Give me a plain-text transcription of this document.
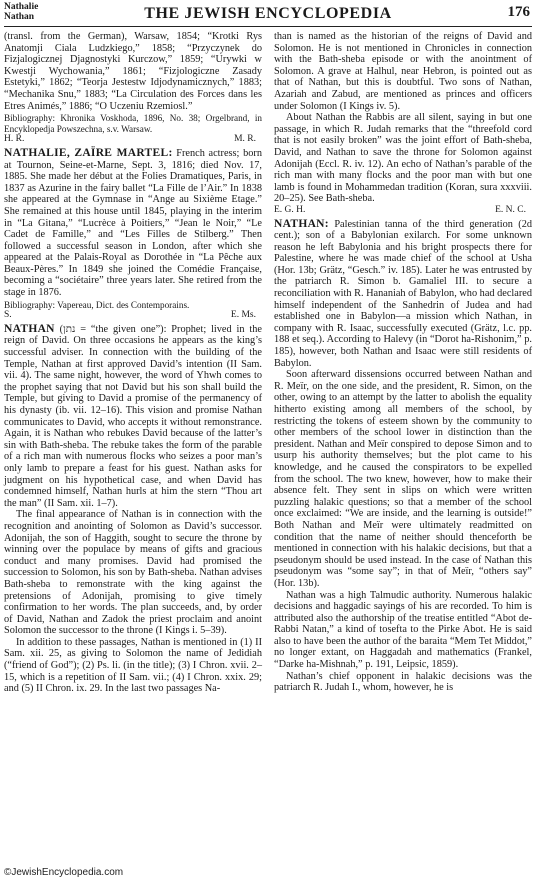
Nathalie
Nathan	THE JEWISH ENCYCLOPEDIA	176

(transl. from the German), Warsaw, 1854; “Krotki Rys Anatomji Ciala Ludzkiego,” 1858; “Przyczynek do Fizjalogicznej Djagnostyki Kurczow,” 1859; “Urywki w Kwestji Wychowania,” 1861; “Fizjologiczne Zasady Estetyki,” 1862; “Teorja Jestestw Idjodynamicznych,” 1883; “Mechanika Snu,” 1883; “La Circulation des Forces dans les Etres Animés,” 1886; “O Uczeniu Rzemiosl.”

Bibliography: Khronika Voskhoda, 1896, No. 38; Orgelbrand, in Encyklopedja Powszechna, s.v. Warsaw.

H. R.	M. R.

NATHALIE, ZAÏRE MARTEL: French actress; born at Tournon, Seine-et-Marne, Sept. 3, 1816; died Nov. 17, 1885. She made her début at the Folies Dramatiques, Paris, in 1837 as Azurine in the fairy ballet “La Fille de l’Air.” In 1838 she appeared at the Gymnase in “Ange au Sixième Etage.” She remained at this house until 1845, playing in the interim in “La Gitana,” “Lucrèce à Poitiers,” “Jean le Noir,” “Le Cadet de Famille,” and “Les Filles de Stilberg.” Then followed a successful season in London, after which she appeared at the Palais-Royal as Dorothée in “La Pêche aux Beaux-Pères.” In 1849 she joined the Comédie Française, becoming a “sociétaire” three years later. She retired from the stage in 1876.

Bibliography: Vapereau, Dict. des Contemporains.

S.	E. Ms.

NATHAN (נתן = “the given one”): Prophet; lived in the reign of David. On three occasions he appears as the king’s successful adviser. In connection with the building of the Temple, Nathan at first approved David’s intention (II Sam. vii. 4). The same night, however, the word of Yhwh comes to the prophet saying that not David but his son shall build the Temple, but giving to David a promise of the permanency of his dynasty (ib. vii. 12–16). This vision and promise Nathan communicates to David, who accepts it without remonstrance. Again, it is Nathan who rebukes David because of the latter’s sin with Bath-sheba. The rebuke takes the form of the parable of a rich man with numerous flocks who seizes a poor man’s only lamb to prepare a feast for his guest. Nathan asks for judgment on his hypothetical case, and when David has condemned himself, Nathan hurls at him the stern “Thou art the man” (II Sam. xii. 1–7).

The final appearance of Nathan is in connection with the recognition and anointing of Solomon as David’s successor. Adonijah, the son of Haggith, sought to secure the throne by winning over the populace by means of gifts and gracious conduct and many promises. David had promised the succession to Solomon, his son by Bath-sheba. Nathan advises Bath-sheba to remonstrate with the king against the pretensions of Adonijah, promising to give timely confirmation to her words. The plan succeeds, and, by order of David, Nathan and Zadok the priest proclaim and anoint Solomon the successor to the throne (I Kings i. 5–39).

In addition to these passages, Nathan is mentioned in (1) II Sam. xii. 25, as giving to Solomon the name of Jedidiah (“friend of God”); (2) Ps. li. (in the title); (3) I Chron. xvii. 2–15, which is a repetition of II Sam. vii.; (4) I Chron. xxix. 29; and (5) II Chron. ix. 29. In the last two passages Na-

than is named as the historian of the reigns of David and Solomon. He is not mentioned in Chronicles in connection with the Bath-sheba episode or with the anointment of Solomon. A grave at Halhul, near Hebron, is pointed out as that of Nathan, but this is doubtful. Two sons of Nathan, Azariah and Zabud, are mentioned as princes and officers under Solomon (I Kings iv. 5).

About Nathan the Rabbis are all silent, saying in but one passage, in which R. Judah remarks that the “threefold cord that is not easily broken” was the joint effort of Bath-sheba, David, and Nathan to save the throne for Solomon against Adonijah (Eccl. R. iv. 12). An echo of Nathan’s parable of the rich man with many flocks and the poor man with but one lamb is found in Mohammedan tradition (Koran, sura xxxviii. 20–25). See Bath-sheba.

E. G. H.	E. N. C.

NATHAN: Palestinian tanna of the third generation (2d cent.); son of a Babylonian exilarch. For some unknown reason he left Babylonia and his bright prospects there for Palestine, where he was made chief of the school at Usha (Hor. 13b; Grätz, “Gesch.” iv. 185). Later he was entrusted by the patriarch R. Simon b. Gamaliel III. to secure a reconciliation with R. Hananiah of Babylon, who had declared himself independent of the Sanhedrin of Judea and had established one in Babylon—a mission which Nathan, in company with R. Isaac, successfully executed (Grätz, l.c. pp. 188 et seq.). According to Halevy (in “Dorot ha-Rishonim,” p. 185), however, both Nathan and Isaac were still residents of Babylon.

Soon afterward dissensions occurred between Nathan and R. Meïr, on the one side, and the president, R. Simon, on the other, owing to an attempt by the latter to abolish the equality hitherto existing among all members of the school, by restricting the tokens of esteem shown by the community to other members of the school lower in distinction than the president. Nathan and Meïr conspired to depose Simon and to usurp his authority themselves; but the plot came to his knowledge, and he caused the conspirators to be expelled from the school. The two knew, however, how to make their absence felt. They sent in slips on which were written puzzling halakic questions; so that a member of the school once exclaimed: “We are inside, and the learning is outside!” Both Nathan and Meïr were ultimately readmitted on condition that the name of neither should thenceforth be mentioned in connection with his halakic decisions, but that a pseudonym should be used instead. In the case of Nathan this pseudonym was “some say”; in that of Meïr, “others say” (Hor. 13b).

Nathan was a high Talmudic authority. Numerous halakic decisions and haggadic sayings of his are recorded. To him is attributed also the authorship of the treatise entitled “Abot de-Rabbi Natan,” a kind of tosefta to the Pirke Abot. He is said also to have been the author of the baraita “Mem Tet Middot,” no longer extant, on Haggadah and mathematics (Frankel, “Darke ha-Mishnah,” p. 191, Leipsic, 1859).

Nathan’s chief opponent in halakic decisions was the patriarch R. Judah I., whom, however, he is

©JewishEncyclopedia.com
